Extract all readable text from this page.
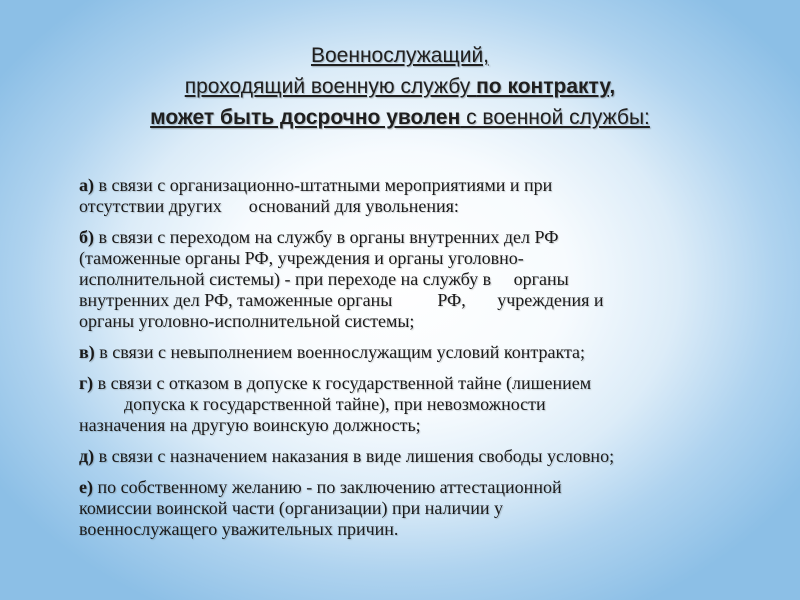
Военнослужащий,
проходящий военную службу по контракту,
может быть досрочно уволен с военной службы:
а) в связи с организационно-штатными мероприятиями и при
отсутствии других      оснований для увольнения:
б) в связи с переходом на службу в органы внутренних дел РФ
(таможенные органы РФ, учреждения и органы уголовно-
исполнительной системы) - при переходе на службу в     органы
внутренних дел РФ, таможенные органы          РФ,       учреждения и
органы уголовно-исполнительной системы;
в) в связи с невыполнением военнослужащим условий контракта;
г) в связи с отказом в допуске к государственной тайне (лишением
допуска к государственной тайне), при невозможности
назначения на другую воинскую должность;
д) в связи с назначением наказания в виде лишения свободы условно;
е) по собственному желанию - по заключению аттестационной
комиссии воинской части (организации) при наличии у
военнослужащего уважительных причин.
